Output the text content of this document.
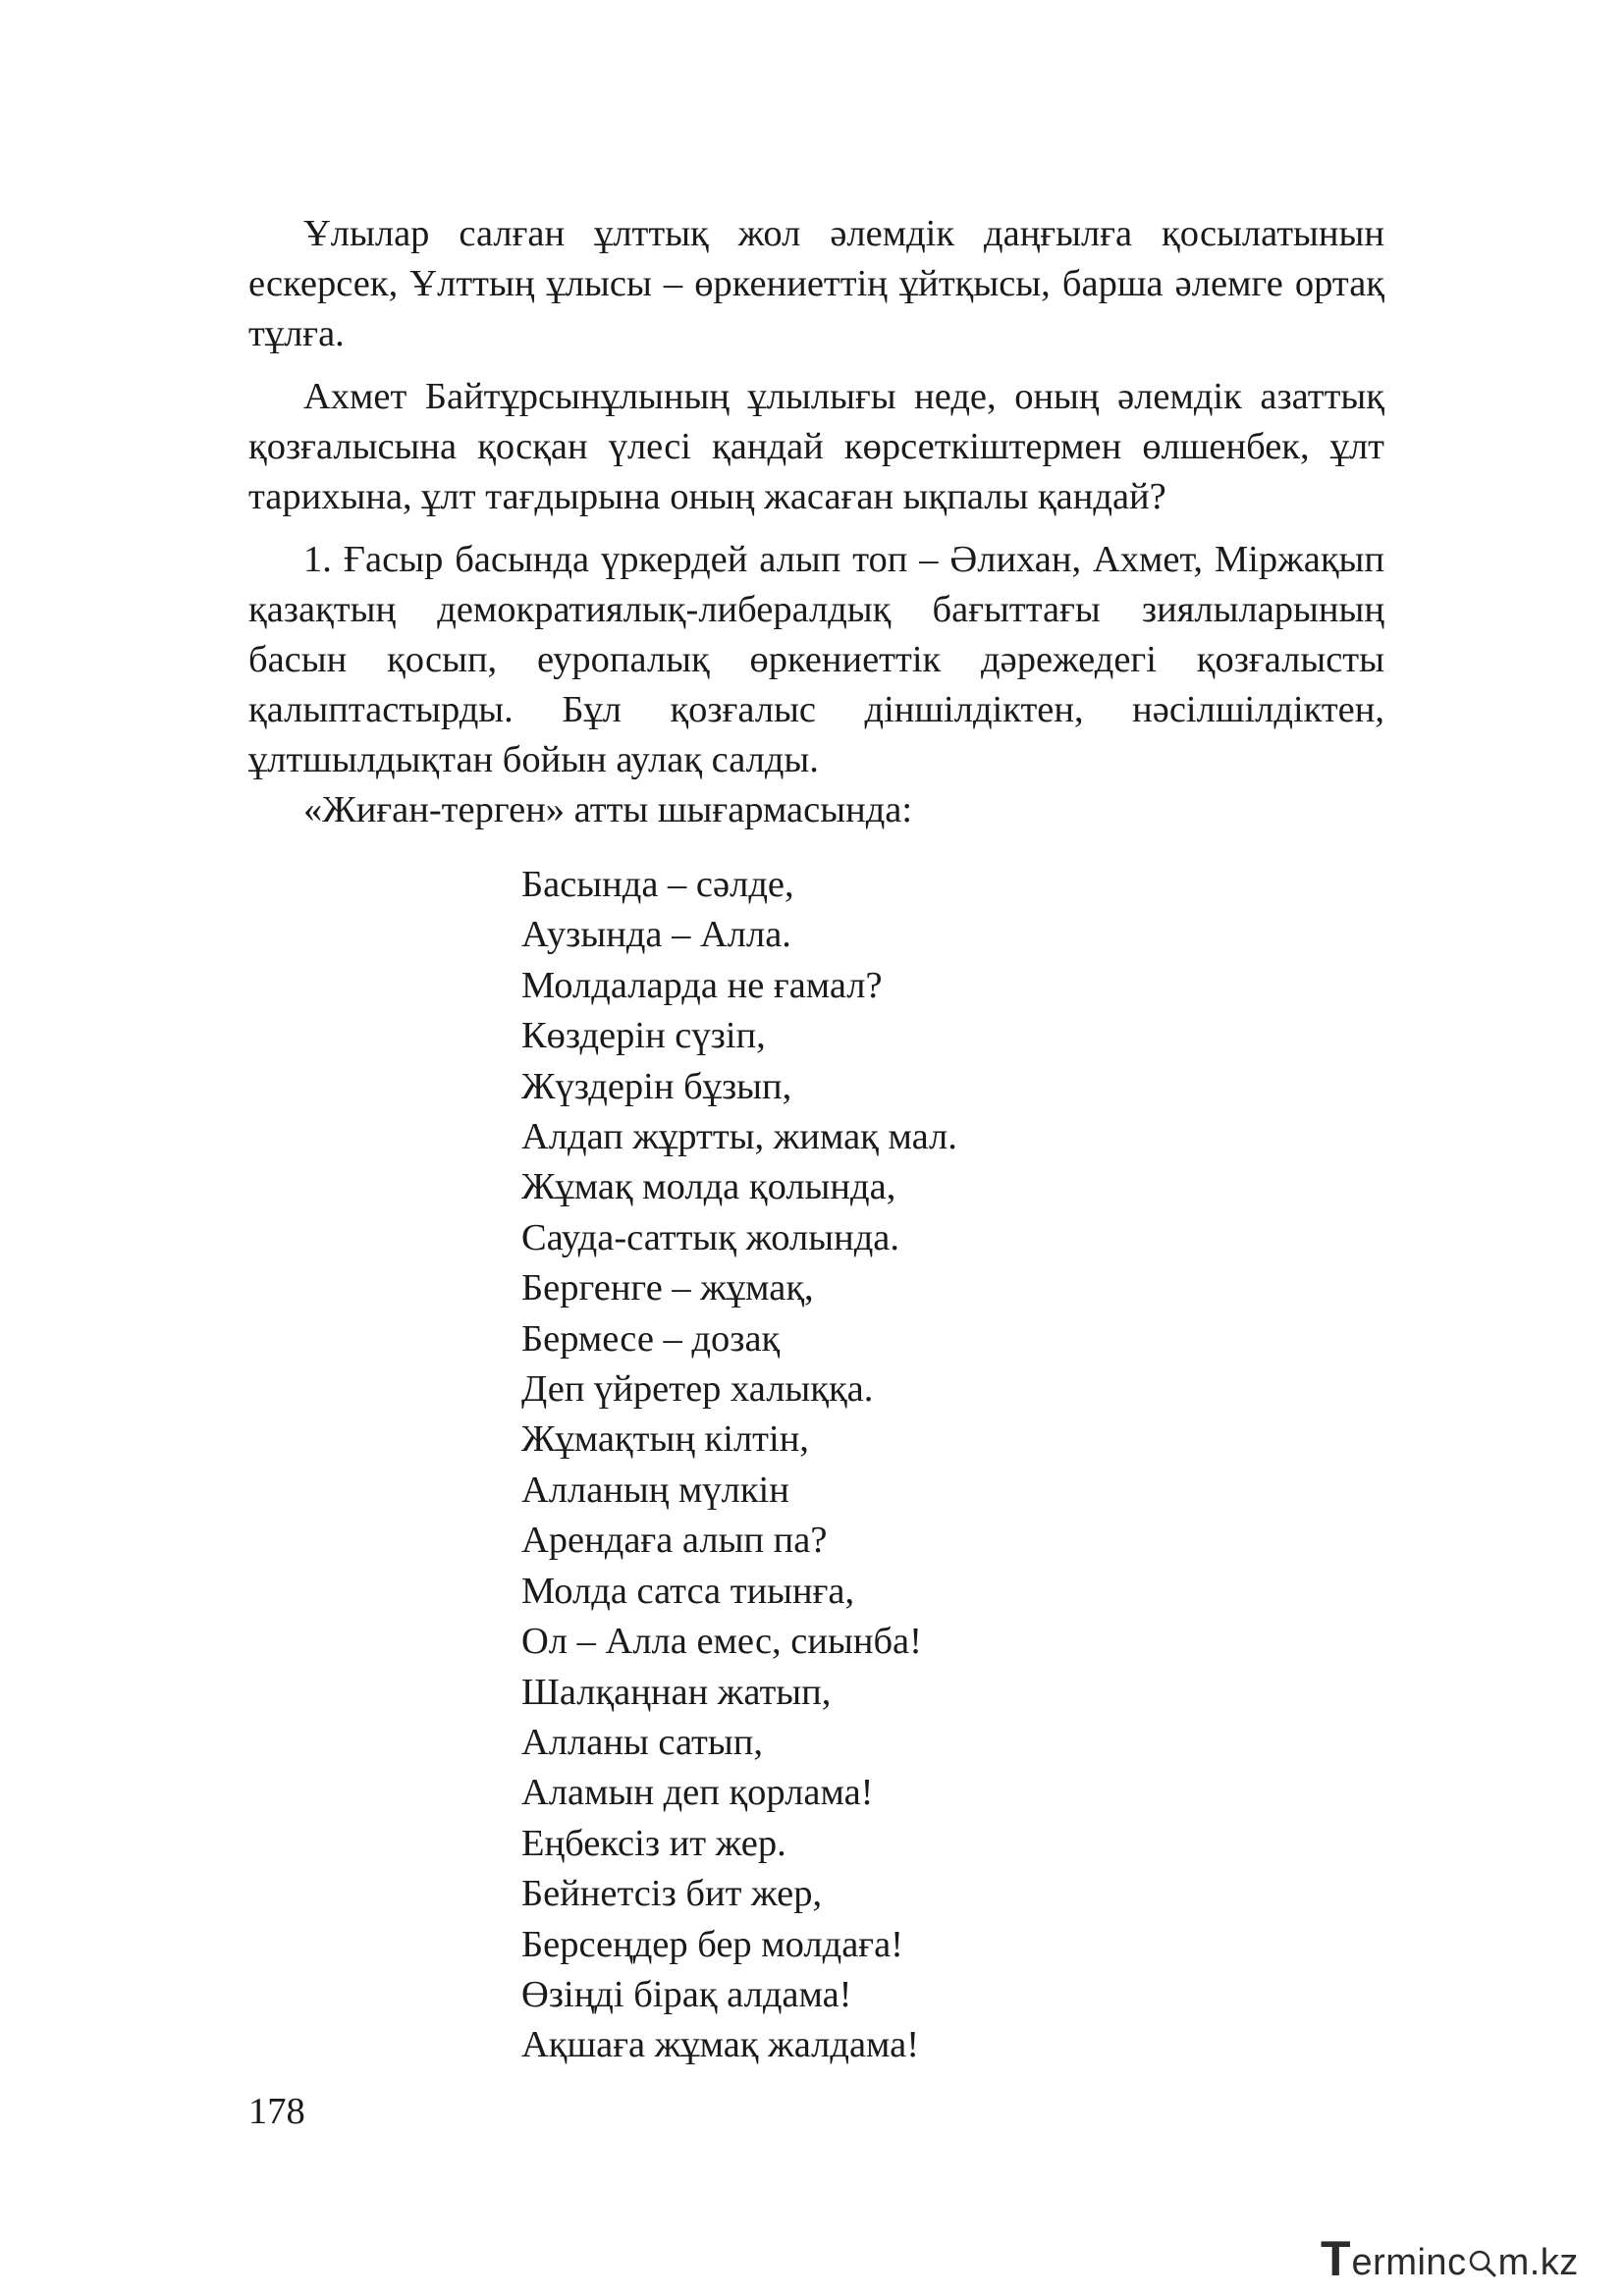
Ұлылар салған ұлттық жол әлемдік даңғылға қосылатынын ескерсек, Ұлттың ұлысы – өркениеттің ұйтқысы, барша әлемге ортақ тұлға.

Ахмет Байтұрсынұлының ұлылығы неде, оның әлемдік азаттық қозғалысына қосқан үлесі қандай көрсеткіштермен өлшенбек, ұлт тарихына, ұлт тағдырына оның жасаған ықпалы қандай?

1. Ғасыр басында үркердей алып топ – Әлихан, Ахмет, Міржақып қазақтың демократиялық-либералдық бағыттағы зиялыларының басын қосып, еуропалық өркениеттік дәрежедегі қозғалысты қалыптастырды. Бұл қозғалыс діншілдіктен, нәсілшілдіктен, ұлтшылдықтан бойын аулақ салды.

«Жиған-терген» атты шығармасында:

Басында – сәлде,
Аузында – Алла.
Молдаларда не ғамал?
Көздерін сүзіп,
Жүздерін бұзып,
Алдап жұртты, жимақ мал.
Жұмақ молда қолында,
Сауда-саттық жолында.
Бергенге – жұмақ,
Бермесе – дозақ
Деп үйретер халыққа.
Жұмақтың кілтін,
Алланың мүлкін
Арендаға алып па?
Молда сатса тиынға,
Ол – Алла емес, сиынба!
Шалқаңнан жатып,
Алланы сатып,
Аламын деп қорлама!
Еңбексіз ит жер.
Бейнетсіз бит жер,
Берсеңдер бер молдаға!
Өзіңді бірақ алдама!
Ақшаға жұмақ жалдама!
178
T erminc m.kz
